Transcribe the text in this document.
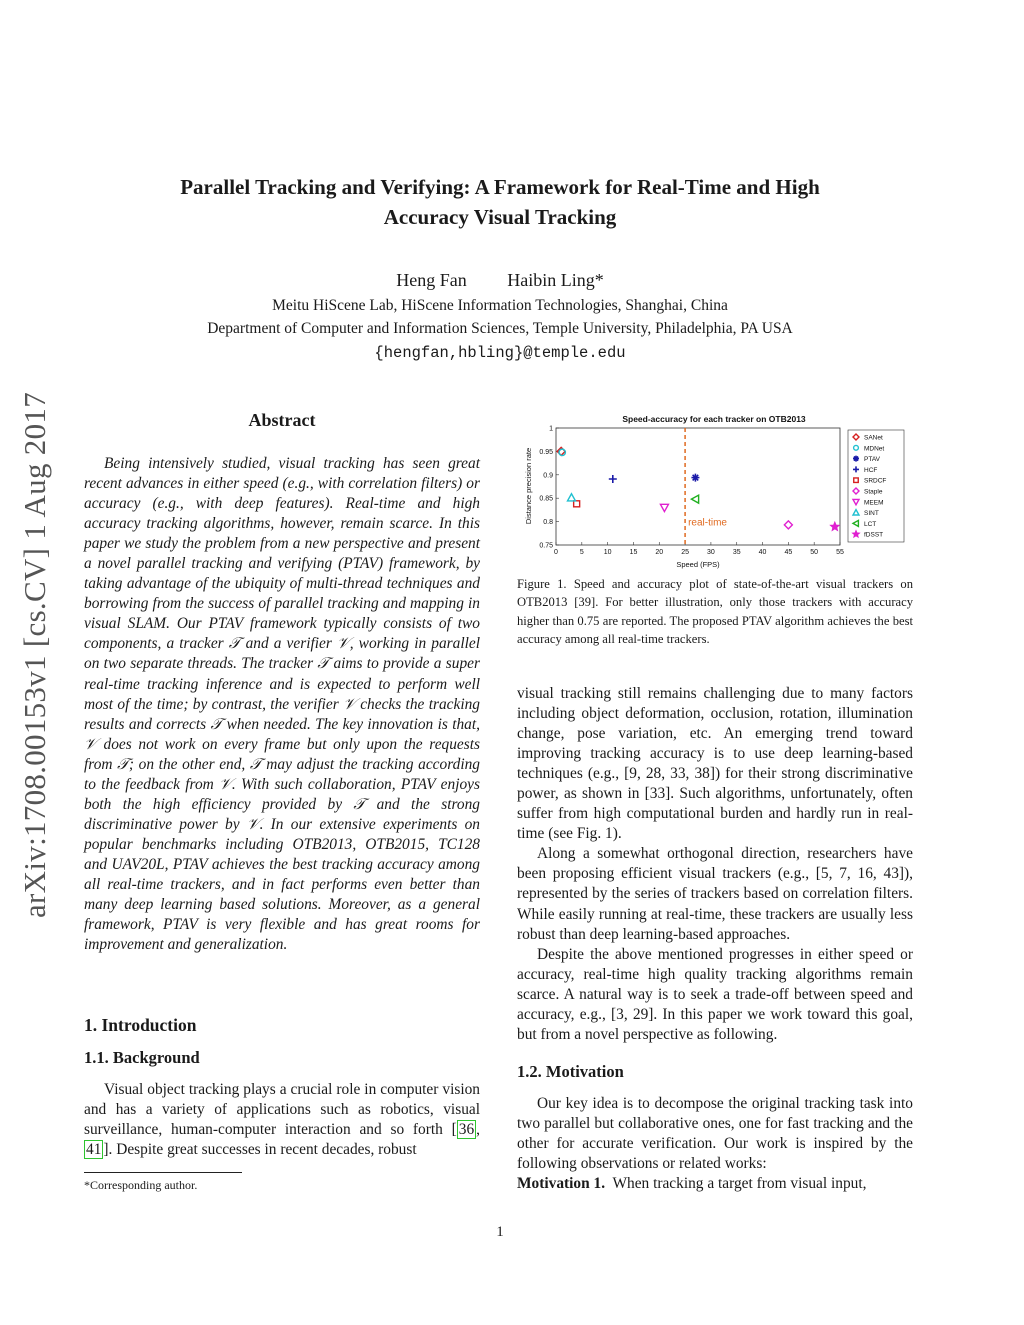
arXiv:1708.00153v1 [cs.CV] 1 Aug 2017
Parallel Tracking and Verifying: A Framework for Real-Time and High
Accuracy Visual Tracking
Heng Fan Haibin Ling*
Meitu HiScene Lab, HiScene Information Technologies, Shanghai, China
Department of Computer and Information Sciences, Temple University, Philadelphia, PA USA
{hengfan,hbling}@temple.edu
Abstract
Being intensively studied, visual tracking has seen great recent advances in either speed (e.g., with correlation filters) or accuracy (e.g., with deep features). Real-time and high accuracy tracking algorithms, however, remain scarce. In this paper we study the problem from a new perspective and present a novel parallel tracking and verifying (PTAV) framework, by taking advantage of the ubiquity of multi-thread techniques and borrowing from the success of parallel tracking and mapping in visual SLAM. Our PTAV framework typically consists of two components, a tracker 𝒯 and a verifier 𝒱, working in parallel on two separate threads. The tracker 𝒯 aims to provide a super real-time tracking inference and is expected to perform well most of the time; by contrast, the verifier 𝒱 checks the tracking results and corrects 𝒯 when needed. The key innovation is that, 𝒱 does not work on every frame but only upon the requests from 𝒯; on the other end, 𝒯 may adjust the tracking according to the feedback from 𝒱. With such collaboration, PTAV enjoys both the high efficiency provided by 𝒯 and the strong discriminative power by 𝒱. In our extensive experiments on popular benchmarks including OTB2013, OTB2015, TC128 and UAV20L, PTAV achieves the best tracking accuracy among all real-time trackers, and in fact performs even better than many deep learning based solutions. Moreover, as a general framework, PTAV is very flexible and has great rooms for improvement and generalization.
1. Introduction
1.1. Background

Visual object tracking plays a crucial role in computer vision and has a variety of applications such as robotics, visual surveillance, human-computer interaction and so forth [ 36 , 41 ]. Despite great successes in recent decades, robust

*Corresponding author.
Speed-accuracy for each tracker on OTB2013
0	5	10	15	20	25	30	35	40	45	50	55
0.75
0.8
0.85
0.9
0.95
1
real-time
Speed (FPS)
Distance precision rate
SANet
MDNet
PTAV
HCF
SRDCF
Staple
MEEM
SINT
LCT
fDSST
Figure 1. Speed and accuracy plot of state-of-the-art visual trackers on OTB2013 [39]. For better illustration, only those trackers with accuracy higher than 0.75 are reported. The proposed PTAV algorithm achieves the best accuracy among all real-time trackers.

visual tracking still remains challenging due to many factors including object deformation, occlusion, rotation, illumination change, pose variation, etc. An emerging trend toward improving tracking accuracy is to use deep learning-based techniques (e.g., [9, 28, 33, 38]) for their strong discriminative power, as shown in [33]. Such algorithms, unfortunately, often suffer from high computational burden and hardly run in real-time (see Fig. 1).

Along a somewhat orthogonal direction, researchers have been proposing efficient visual trackers (e.g., [5, 7, 16, 43]), represented by the series of trackers based on correlation filters. While easily running at real-time, these trackers are usually less robust than deep learning-based approaches.

Despite the above mentioned progresses in either speed or accuracy, real-time high quality tracking algorithms remain scarce. A natural way is to seek a trade-off between speed and accuracy, e.g., [3, 29]. In this paper we work toward this goal, but from a novel perspective as following.

1.2. Motivation

Our key idea is to decompose the original tracking task into two parallel but collaborative ones, one for fast tracking and the other for accurate verification. Our work is inspired by the following observations or related works:

Motivation 1. When tracking a target from visual input,

1
